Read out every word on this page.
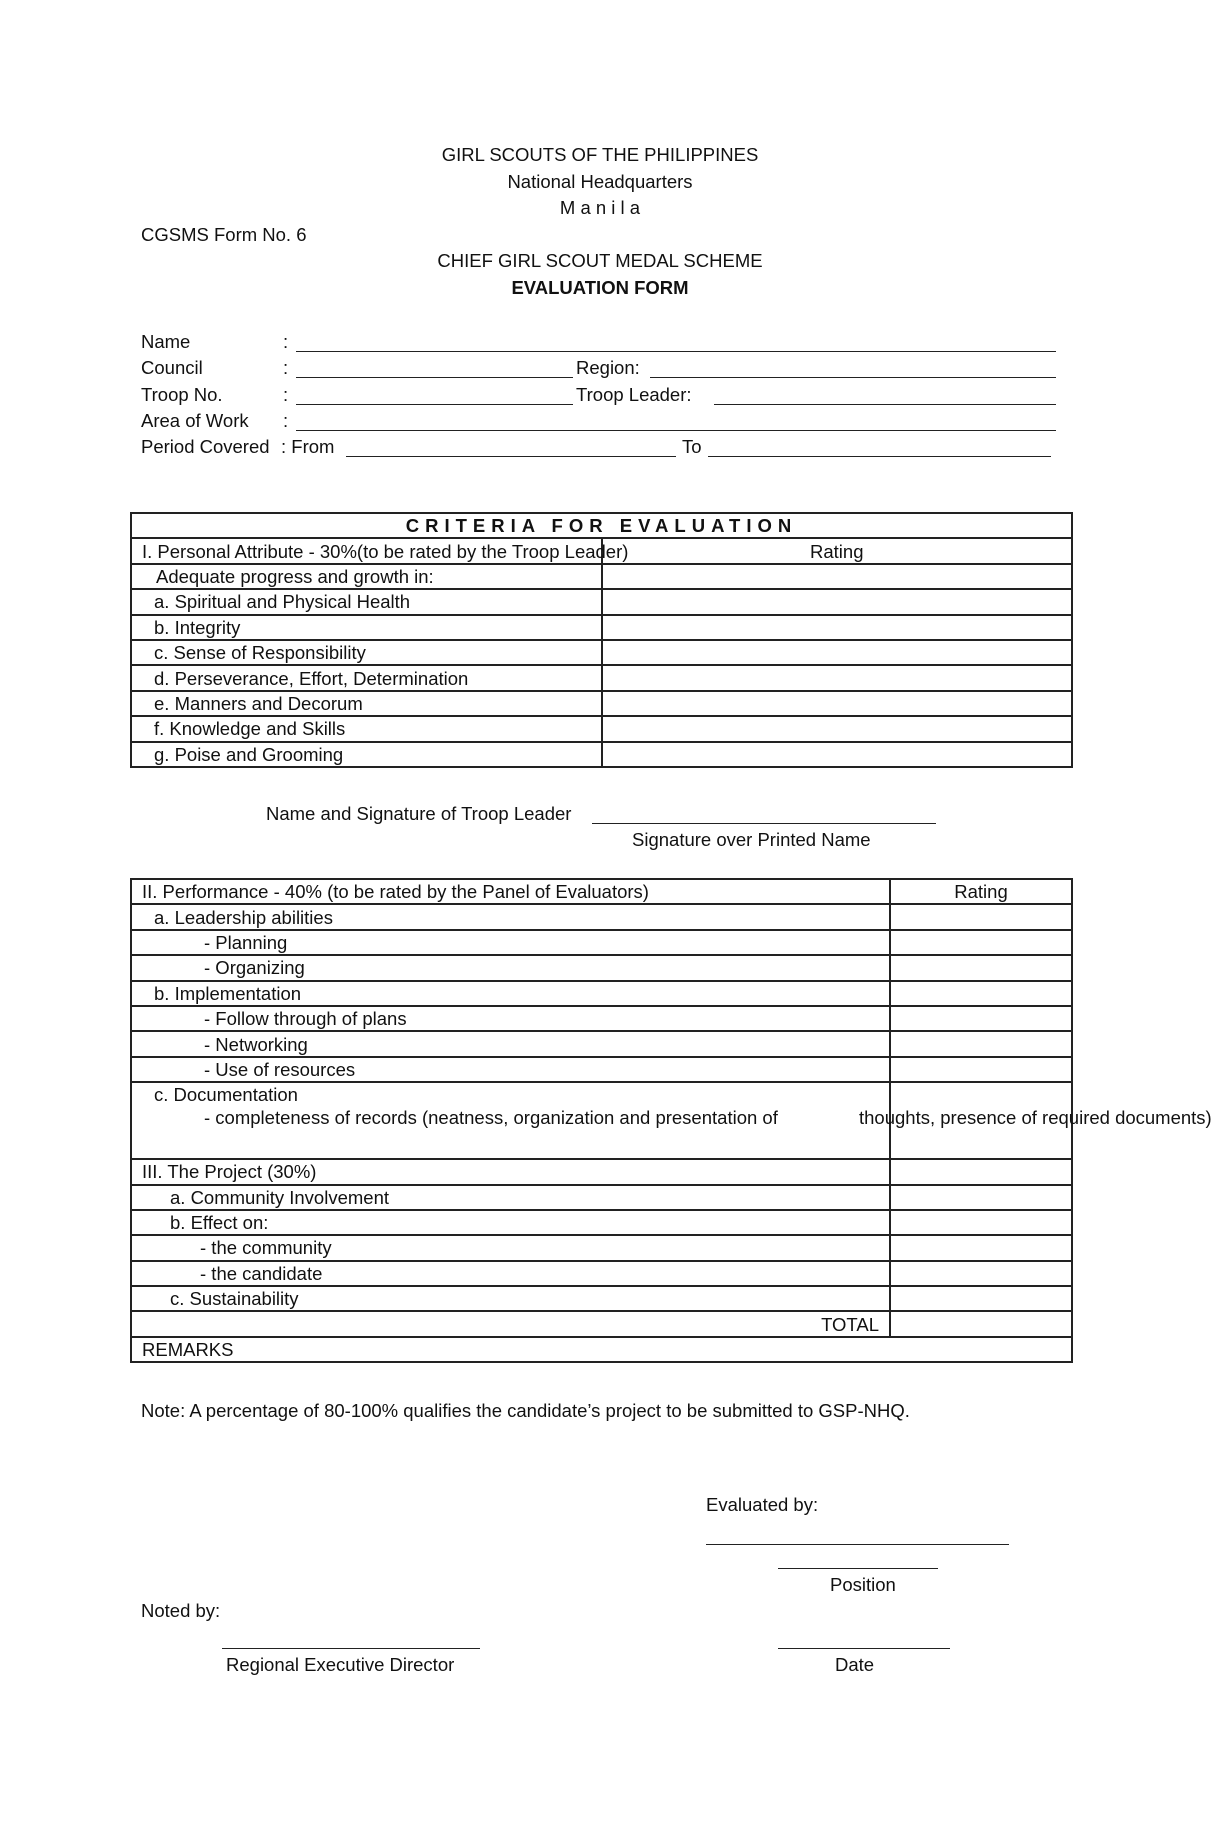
GIRL SCOUTS OF THE PHILIPPINES
National Headquarters
M a n i l a
CGSMS Form No. 6
CHIEF GIRL SCOUT MEDAL SCHEME
EVALUATION FORM
Name	:
Council	:	Region:
Troop No.	:	Troop Leader:
Area of Work :
Period Covered : From	To
CRITERIA FOR EVALUATION	
I. Personal Attribute - 30%(to be rated by the Troop Leader)	Rating
Adequate progress and growth in:	
a. Spiritual and Physical Health	
b. Integrity	
c. Sense of Responsibility	
d. Perseverance, Effort, Determination	
e. Manners and Decorum	
f. Knowledge and Skills	
g. Poise and Grooming	
Name and Signature of Troop Leader
Signature over Printed Name
II. Performance - 40% (to be rated by the Panel of Evaluators)	Rating
a. Leadership abilities	
- Planning	
- Organizing	
b. Implementation	
- Follow through of plans	
- Networking	
- Use of resources	

c. Documentation
- completeness of records (neatness, organization and presentation of thoughts, presence of required documents)	
III. The Project (30%)	
a. Community Involvement	
b. Effect on:	
- the community	
- the candidate	
c. Sustainability	
TOTAL	
REMARKS	
Note: A percentage of 80-100% qualifies the candidate’s project to be submitted to GSP-NHQ.
Evaluated by:
Position
Noted by:
Regional Executive Director	Date
